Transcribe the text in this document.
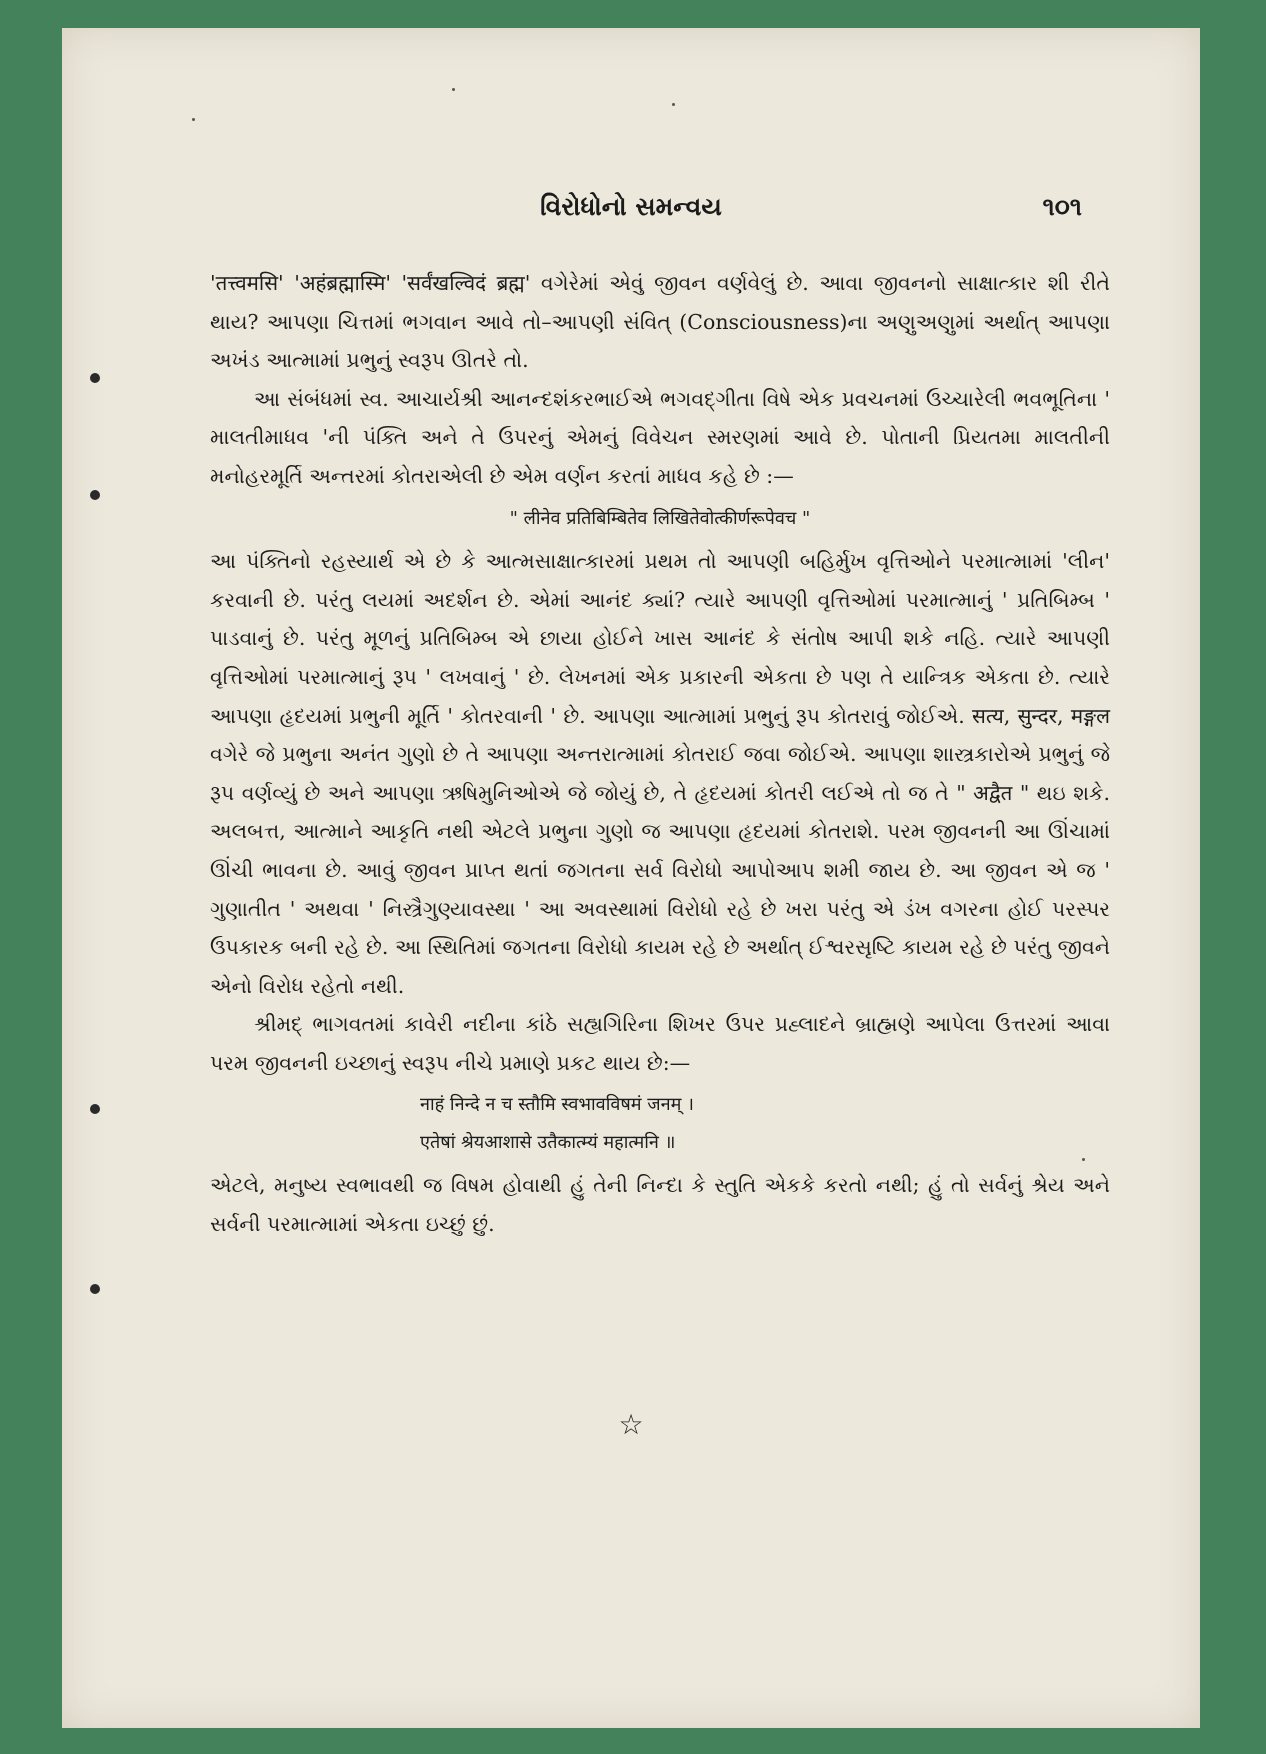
વિરોધોનો સમન્વય	૧૦૧

'तत्त्वमसि' 'अहंब्रह्मास्मि' 'सर्वंखल्विदं ब्रह्म' વગેરેમાં એવું જીવન વર્ણવેલું છે. આવા જીવનનો સાક્ષાત્કાર શી રીતે થાય? આપણા ચિત્તમાં ભગવાન આવે તો–આપણી સંવિત્ (Consciousness)ના અણુઅણુમાં અર્થાત્ આપણા અખંડ આત્મામાં પ્રભુનું સ્વરૂપ ઊતરે તો.

આ સંબંધમાં સ્વ. આચાર્યશ્રી આનન્દશંકરભાઈએ ભગવદ્ગીતા વિષે એક પ્રવચનમાં ઉચ્ચારેલી ભવભૂતિના ' માલતીમાધવ 'ની પંક્તિ અને તે ઉપરનું એમનું વિવેચન સ્મરણમાં આવે છે. પોતાની પ્રિયતમા માલતીની મનોહરમૂર્તિ અન્તરમાં કોતરાએલી છે એમ વર્ણન કરતાં માધવ કહે છે :—

" लीनेव प्रतिबिम्बितेव लिखितेवोत्कीर्णरूपेवच "

આ પંક્તિનો રહસ્યાર્થ એ છે કે આત્મસાક્ષાત્કારમાં પ્રથમ તો આપણી બહિર્મુખ વૃત્તિઓને પરમાત્મામાં 'લીન' કરવાની છે. પરંતુ લયમાં અદર્શન છે. એમાં આનંદ ક્યાં? ત્યારે આપણી વૃત્તિઓમાં પરમાત્માનું ' પ્રતિબિમ્બ ' પાડવાનું છે. પરંતુ મૂળનું પ્રતિબિમ્બ એ છાયા હોઈને ખાસ આનંદ કે સંતોષ આપી શકે નહિ. ત્યારે આપણી વૃત્તિઓમાં પરમાત્માનું રૂપ ' લખવાનું ' છે. લેખનમાં એક પ્રકારની એકતા છે પણ તે યાન્ત્રિક એકતા છે. ત્યારે આપણા હૃદયમાં પ્રભુની મૂર્તિ ' કોતરવાની ' છે. આપણા આત્મામાં પ્રભુનું રૂપ કોતરાવું જોઈએ. सत्य, सुन्दर, मङ्गल વગેરે જે પ્રભુના અનંત ગુણો છે તે આપણા અન્તરાત્મામાં કોતરાઈ જવા જોઈએ. આપણા શાસ્ત્રકારોએ પ્રભુનું જે રૂપ વર્ણવ્યું છે અને આપણા ઋષિમુનિઓએ જે જોયું છે, તે હૃદયમાં કોતરી લઈએ તો જ તે " अद्वैत " થઇ શકે. અલબત્ત, આત્માને આકૃતિ નથી એટલે પ્રભુના ગુણો જ આપણા હૃદયમાં કોતરાશે. પરમ જીવનની આ ઊંચામાં ઊંચી ભાવના છે. આવું જીવન પ્રાપ્ત થતાં જગતના સર્વ વિરોધો આપોઆપ શમી જાય છે. આ જીવન એ જ ' ગુણાતીત ' અથવા ' નિસ્ત્રૈગુણ્યાવસ્થા ' આ અવસ્થામાં વિરોધો રહે છે ખરા પરંતુ એ ડંખ વગરના હોઈ પરસ્પર ઉપકારક બની રહે છે. આ સ્થિતિમાં જગતના વિરોધો કાયમ રહે છે અર્થાત્ ઈશ્વરસૃષ્ટિ કાયમ રહે છે પરંતુ જીવને એનો વિરોધ રહેતો નથી.

શ્રીમદ્ ભાગવતમાં કાવેરી નદીના કાંઠે સહ્યગિરિના શિખર ઉપર પ્રહ્લાદને બ્રાહ્મણે આપેલા ઉત્તરમાં આવા પરમ જીવનની ઇચ્છાનું સ્વરૂપ નીચે પ્રમાણે પ્રકટ થાય છે:—

नाहं निन्दे न च स्तौमि स्वभावविषमं जनम् ।
एतेषां श्रेयआशासे उतैकात्म्यं महात्मनि ॥

એટલે, મનુષ્ય સ્વભાવથી જ વિષમ હોવાથી હું તેની નિન્દા કે સ્તુતિ એકકે કરતો નથી; હું તો સર્વનું શ્રેય અને સર્વની પરમાત્મામાં એકતા ઇચ્છું છું.

☆
